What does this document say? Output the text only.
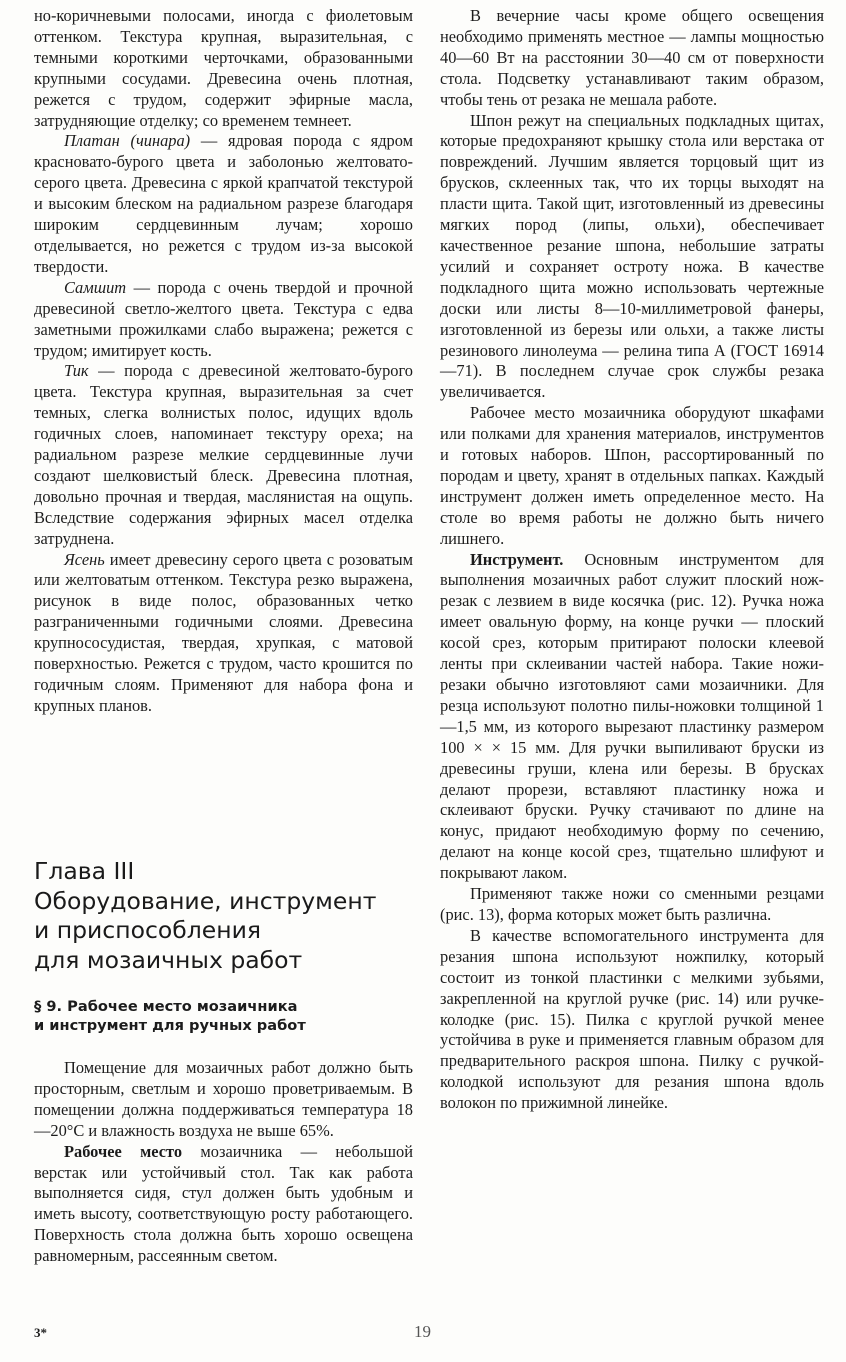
но-коричневыми полосами, иногда с фиолетовым оттенком. Текстура крупная, выразительная, с темными короткими черточками, образованными крупными сосудами. Древесина очень плотная, режется с трудом, содержит эфирные масла, затрудняющие отделку; со временем темнеет.

Платан (чинара) — ядровая порода с ядром красновато-бурого цвета и заболонью желтовато-серого цвета. Древесина с яркой крапчатой текстурой и высоким блеском на радиальном разрезе благодаря широким сердцевинным лучам; хорошо отделывается, но режется с трудом из-за высокой твердости.

Самшит — порода с очень твердой и прочной древесиной светло-желтого цвета. Текстура с едва заметными прожилками слабо выражена; режется с трудом; имитирует кость.

Тик — порода с древесиной желтовато-бурого цвета. Текстура крупная, выразительная за счет темных, слегка волнистых полос, идущих вдоль годичных слоев, напоминает текстуру ореха; на радиальном разрезе мелкие сердцевинные лучи создают шелковистый блеск. Древесина плотная, довольно прочная и твердая, маслянистая на ощупь. Вследствие содержания эфирных масел отделка затруднена.

Ясень имеет древесину серого цвета с розоватым или желтоватым оттенком. Текстура резко выражена, рисунок в виде полос, образованных четко разграниченными годичными слоями. Древесина крупнососудистая, твердая, хрупкая, с матовой поверхностью. Режется с трудом, часто крошится по годичным слоям. Применяют для набора фона и крупных планов.

Глава III
Оборудование, инструмент
и приспособления
для мозаичных работ
§ 9. Рабочее место мозаичника
и инструмент для ручных работ

Помещение для мозаичных работ должно быть просторным, светлым и хорошо проветриваемым. В помещении должна поддерживаться температура 18—20°С и влажность воздуха не выше 65%.

Рабочее место мозаичника — небольшой верстак или устойчивый стол. Так как работа выполняется сидя, стул должен быть удобным и иметь высоту, соответствующую росту работающего. Поверхность стола должна быть хорошо освещена равномерным, рассеянным светом.

В вечерние часы кроме общего освещения необходимо применять местное — лампы мощностью 40—60 Вт на расстоянии 30—40 см от поверхности стола. Подсветку устанавливают таким образом, чтобы тень от резака не мешала работе.

Шпон режут на специальных подкладных щитах, которые предохраняют крышку стола или верстака от повреждений. Лучшим является торцовый щит из брусков, склеенных так, что их торцы выходят на пласти щита. Такой щит, изготовленный из древесины мягких пород (липы, ольхи), обеспечивает качественное резание шпона, небольшие затраты усилий и сохраняет остроту ножа. В качестве подкладного щита можно использовать чертежные доски или листы 8—10-миллиметровой фанеры, изготовленной из березы или ольхи, а также листы резинового линолеума — релина типа А (ГОСТ 16914—71). В последнем случае срок службы резака увеличивается.

Рабочее место мозаичника оборудуют шкафами или полками для хранения материалов, инструментов и готовых наборов. Шпон, рассортированный по породам и цвету, хранят в отдельных папках. Каждый инструмент должен иметь определенное место. На столе во время работы не должно быть ничего лишнего.

Инструмент. Основным инструментом для выполнения мозаичных работ служит плоский нож-резак с лезвием в виде косячка (рис. 12). Ручка ножа имеет овальную форму, на конце ручки — плоский косой срез, которым притирают полоски клеевой ленты при склеивании частей набора. Такие ножи-резаки обычно изготовляют сами мозаичники. Для резца используют полотно пилы-ножовки толщиной 1—1,5 мм, из которого вырезают пластинку размером 100 × × 15 мм. Для ручки выпиливают бруски из древесины груши, клена или березы. В брусках делают прорези, вставляют пластинку ножа и склеивают бруски. Ручку стачивают по длине на конус, придают необходимую форму по сечению, делают на конце косой срез, тщательно шлифуют и покрывают лаком.

Применяют также ножи со сменными резцами (рис. 13), форма которых может быть различна.

В качестве вспомогательного инструмента для резания шпона используют ножпилку, который состоит из тонкой пластинки с мелкими зубьями, закрепленной на круглой ручке (рис. 14) или ручке-колодке (рис. 15). Пилка с круглой ручкой менее устойчива в руке и применяется главным образом для предварительного раскроя шпона. Пилку с ручкой-колодкой используют для резания шпона вдоль волокон по прижимной линейке.

3*	19
